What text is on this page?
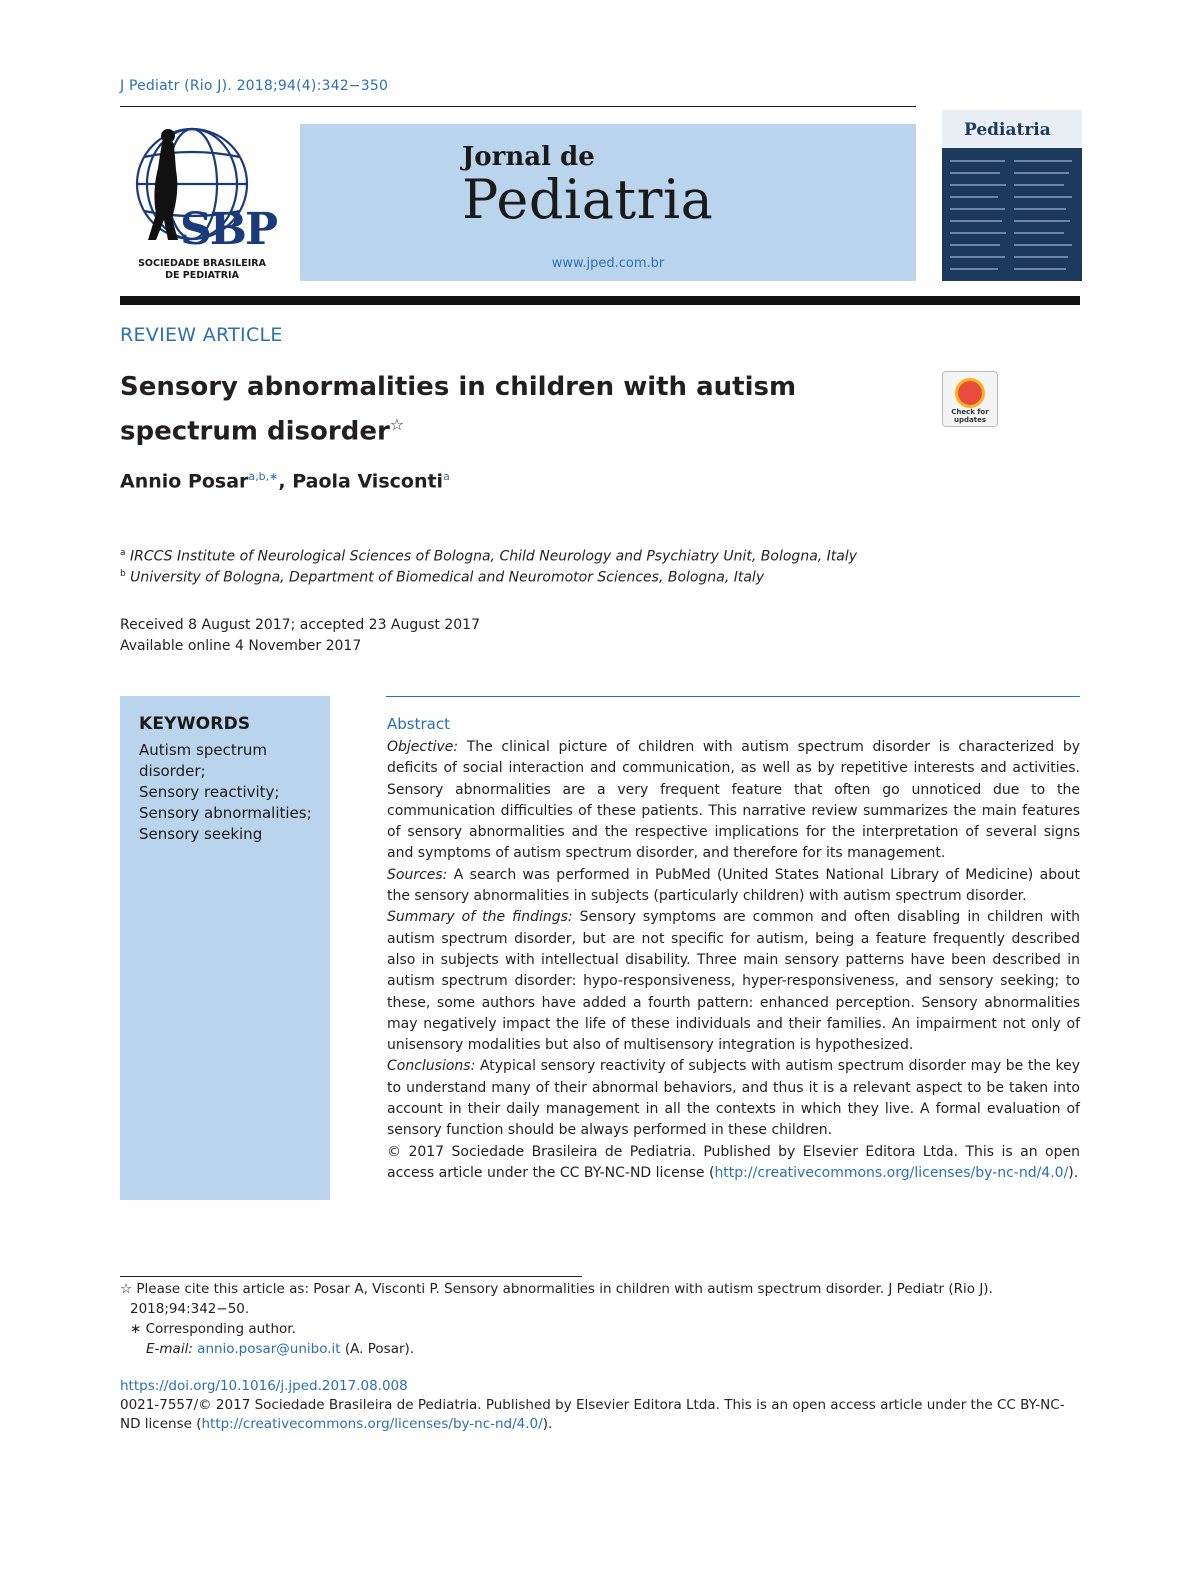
J Pediatr (Rio J). 2018;94(4):342−350
SBP
SOCIEDADE BRASILEIRA
DE PEDIATRIA
Jornal de
Pediatria
www.jped.com.br
Pediatria
REVIEW ARTICLE
Sensory abnormalities in children with autism spectrum disorder☆
Check for updates
Annio Posar$^{a,b,∗}$, Paola Visconti$^a$
$^a$ IRCCS Institute of Neurological Sciences of Bologna, Child Neurology and Psychiatry Unit, Bologna, Italy
$^b$ University of Bologna, Department of Biomedical and Neuromotor Sciences, Bologna, Italy
Received 8 August 2017; accepted 23 August 2017
Available online 4 November 2017
KEYWORDS
Autism spectrum disorder;
Sensory reactivity;
Sensory abnormalities;
Sensory seeking
Abstract

Objective: The clinical picture of children with autism spectrum disorder is characterized by deficits of social interaction and communication, as well as by repetitive interests and activities. Sensory abnormalities are a very frequent feature that often go unnoticed due to the communication difficulties of these patients. This narrative review summarizes the main features of sensory abnormalities and the respective implications for the interpretation of several signs and symptoms of autism spectrum disorder, and therefore for its management.

Sources: A search was performed in PubMed (United States National Library of Medicine) about the sensory abnormalities in subjects (particularly children) with autism spectrum disorder.

Summary of the findings: Sensory symptoms are common and often disabling in children with autism spectrum disorder, but are not specific for autism, being a feature frequently described also in subjects with intellectual disability. Three main sensory patterns have been described in autism spectrum disorder: hypo-responsiveness, hyper-responsiveness, and sensory seeking; to these, some authors have added a fourth pattern: enhanced perception. Sensory abnormalities may negatively impact the life of these individuals and their families. An impairment not only of unisensory modalities but also of multisensory integration is hypothesized.

Conclusions: Atypical sensory reactivity of subjects with autism spectrum disorder may be the key to understand many of their abnormal behaviors, and thus it is a relevant aspect to be taken into account in their daily management in all the contexts in which they live. A formal evaluation of sensory function should be always performed in these children.

© 2017 Sociedade Brasileira de Pediatria. Published by Elsevier Editora Ltda. This is an open access article under the CC BY-NC-ND license (http://creativecommons.org/licenses/by-nc-nd/4.0/).

☆ Please cite this article as: Posar A, Visconti P. Sensory abnormalities in children with autism spectrum disorder. J Pediatr (Rio J). 2018;94:342−50.

∗ Corresponding author.

E-mail: annio.posar@unibo.it (A. Posar).

https://doi.org/10.1016/j.jped.2017.08.008
0021-7557/© 2017 Sociedade Brasileira de Pediatria. Published by Elsevier Editora Ltda. This is an open access article under the CC BY-NC-ND license (http://creativecommons.org/licenses/by-nc-nd/4.0/).
